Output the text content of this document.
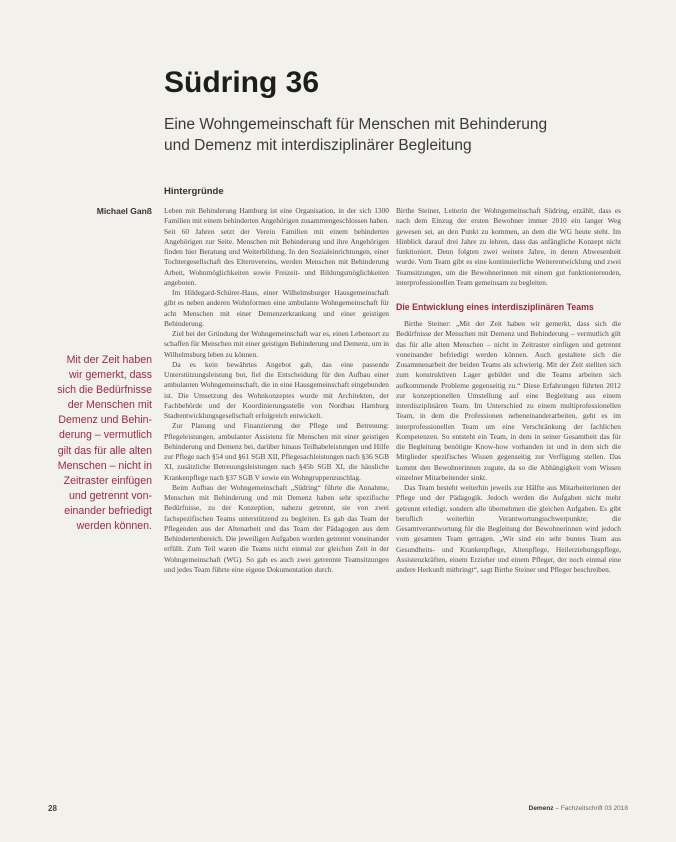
Südring 36
Eine Wohngemeinschaft für Menschen mit Behinderung
und Demenz mit interdisziplinärer Begleitung
Hintergründe
Michael Ganß
Mit der Zeit haben
wir gemerkt, dass
sich die Bedürfnisse
der Menschen mit
Demenz und Behin-
derung – vermutlich
gilt das für alle alten
Menschen – nicht in
Zeitraster einfügen
und getrennt von-
einander befriedigt
werden können.

Leben mit Behinderung Hamburg ist eine Organisation, in der sich 1300 Familien mit einem behinderten Angehörigen zusammengeschlossen haben. Seit 60 Jahren setzt der Verein Familien mit einem behinderten Angehörigen zur Seite. Menschen mit Behinderung und ihre Angehörigen finden hier Beratung und Weiterbildung. In den Sozialeinrichtungen, einer Tochtergesellschaft des Elternvereins, werden Menschen mit Behinderung Arbeit, Wohnmöglichkeiten sowie Freizeit- und Bildungsmöglichkeiten angeboten.

Im Hildegard-Schürer-Haus, einer Wilhelmsburger Hausgemeinschaft gibt es neben anderen Wohnformen eine ambulante Wohngemeinschaft für acht Menschen mit einer Demenzerkrankung und einer geistigen Behinderung.

Ziel bei der Gründung der Wohngemeinschaft war es, einen Lebensort zu schaffen für Menschen mit einer geistigen Behinderung und Demenz, um in Wilhelmsburg leben zu können.

Da es kein bewährtes Angebot gab, das eine passende Unterstützungsleistung bot, fiel die Entscheidung für den Aufbau einer ambulanten Wohngemeinschaft, die in eine Hausgemeinschaft eingebunden ist. Die Umsetzung des Wohnkonzeptes wurde mit Architekten, der Fachbehörde und der Koordinierungsstelle von Nordbau Hamburg Stadtentwicklungsgesellschaft erfolgreich entwickelt.

Zur Planung und Finanzierung der Pflege und Betreuung: Pflegeleistungen, ambulanter Assistenz für Menschen mit einer geistigen Behinderung und Demenz bei, darüber hinaus Teilhabeleistungen und Hilfe zur Pflege nach §54 und §61 SGB XII, Pflegesachleistungen nach §36 SGB XI, zusätzliche Betreuungsleistungen nach §45b SGB XI, die häusliche Krankenpflege nach §37 SGB V sowie ein Wohngruppenzuschlag.

Beim Aufbau der Wohngemeinschaft „Südring“ führte die Annahme, Menschen mit Behinderung und mit Demenz haben sehr spezifische Bedürfnisse, zu der Konzeption, nahezu getrennt, sie von zwei fachspezifischen Teams unterstützend zu begleiten. Es gab das Team der Pflegenden aus der Altenarbeit und das Team der Pädagogen aus dem Behindertenbereich. Die jeweiligen Aufgaben wurden getrennt voneinander erfüllt. Zum Teil waren die Teams nicht einmal zur gleichen Zeit in der Wohngemeinschaft (WG). So gab es auch zwei getrennte Teamsitzungen und jedes Team führte eine eigene Dokumentation durch.

Birthe Steiner, Leiterin der Wohngemeinschaft Südring, erzählt, dass es nach dem Einzug der ersten Bewohner immer 2010 ein langer Weg gewesen sei, an den Punkt zu kommen, an dem die WG heute steht. Im Hinblick darauf drei Jahre zu lehren, dass das anfängliche Konzept nicht funktioniert. Denn folgten zwei weitere Jahre, in denen Abwesenheit wurde. Vom Team gibt es eine kontinuierliche Weiterentwicklung und zwei Teamsitzungen, um die Bewohnerinnen mit einem gut funktionierenden, interprofessionellen Team gemeinsam zu begleiten.

Die Entwicklung eines interdisziplinären Teams

Birthe Steiner: „Mit der Zeit haben wir gemerkt, dass sich die Bedürfnisse der Menschen mit Demenz und Behinderung – vermutlich gilt das für alle alten Menschen – nicht in Zeitraster einfügen und getrennt voneinander befriedigt werden können. Auch gestaltete sich die Zusammenarbeit der beiden Teams als schwierig. Mit der Zeit stellten sich zum konstruktiven Lager gebildet und die Teams arbeiten sich aufkommende Probleme gegenseitig zu.“ Diese Erfahrungen führten 2012 zur konzeptionellen Umstellung auf eine Begleitung aus einem interdisziplinären Team. Im Unterschied zu einem multiprofessionellen Team, in dem die Professionen nebeneinanderarbeiten, geht es im interprofessionellen Team um eine Verschränkung der fachlichen Kompetenzen. So entsteht ein Team, in dem in seiner Gesamtheit das für die Begleitung benötigte Know-how vorhanden ist und in dem sich die Mitglieder spezifisches Wissen gegenseitig zur Verfügung stellen. Das kommt den Bewohnerinnen zugute, da so die Abhängigkeit vom Wissen einzelner Mitarbeitender sinkt.

Das Team besteht weiterhin jeweils zur Hälfte aus Mitarbeiterinnen der Pflege und der Pädagogik. Jedoch werden die Aufgaben nicht mehr getrennt erledigt, sondern alle übernehmen die gleichen Aufgaben. Es gibt beruflich weiterhin Verantwortungsschwerpunkte; die Gesamtverantwortung für die Begleitung der Bewohnerinnen wird jedoch vom gesamten Team getragen. „Wir sind ein sehr buntes Team aus Gesundheits- und Krankenpflege, Altenpflege, Heilerziehungspflege, Assistenzkräften, einem Erzieher und einem Pfleger, der noch einmal eine andere Herkunft mitbringt“, sagt Birthe Steiner und Pfleger beschreiben.

28	Demenz – Fachzeitschrift 03 2018
